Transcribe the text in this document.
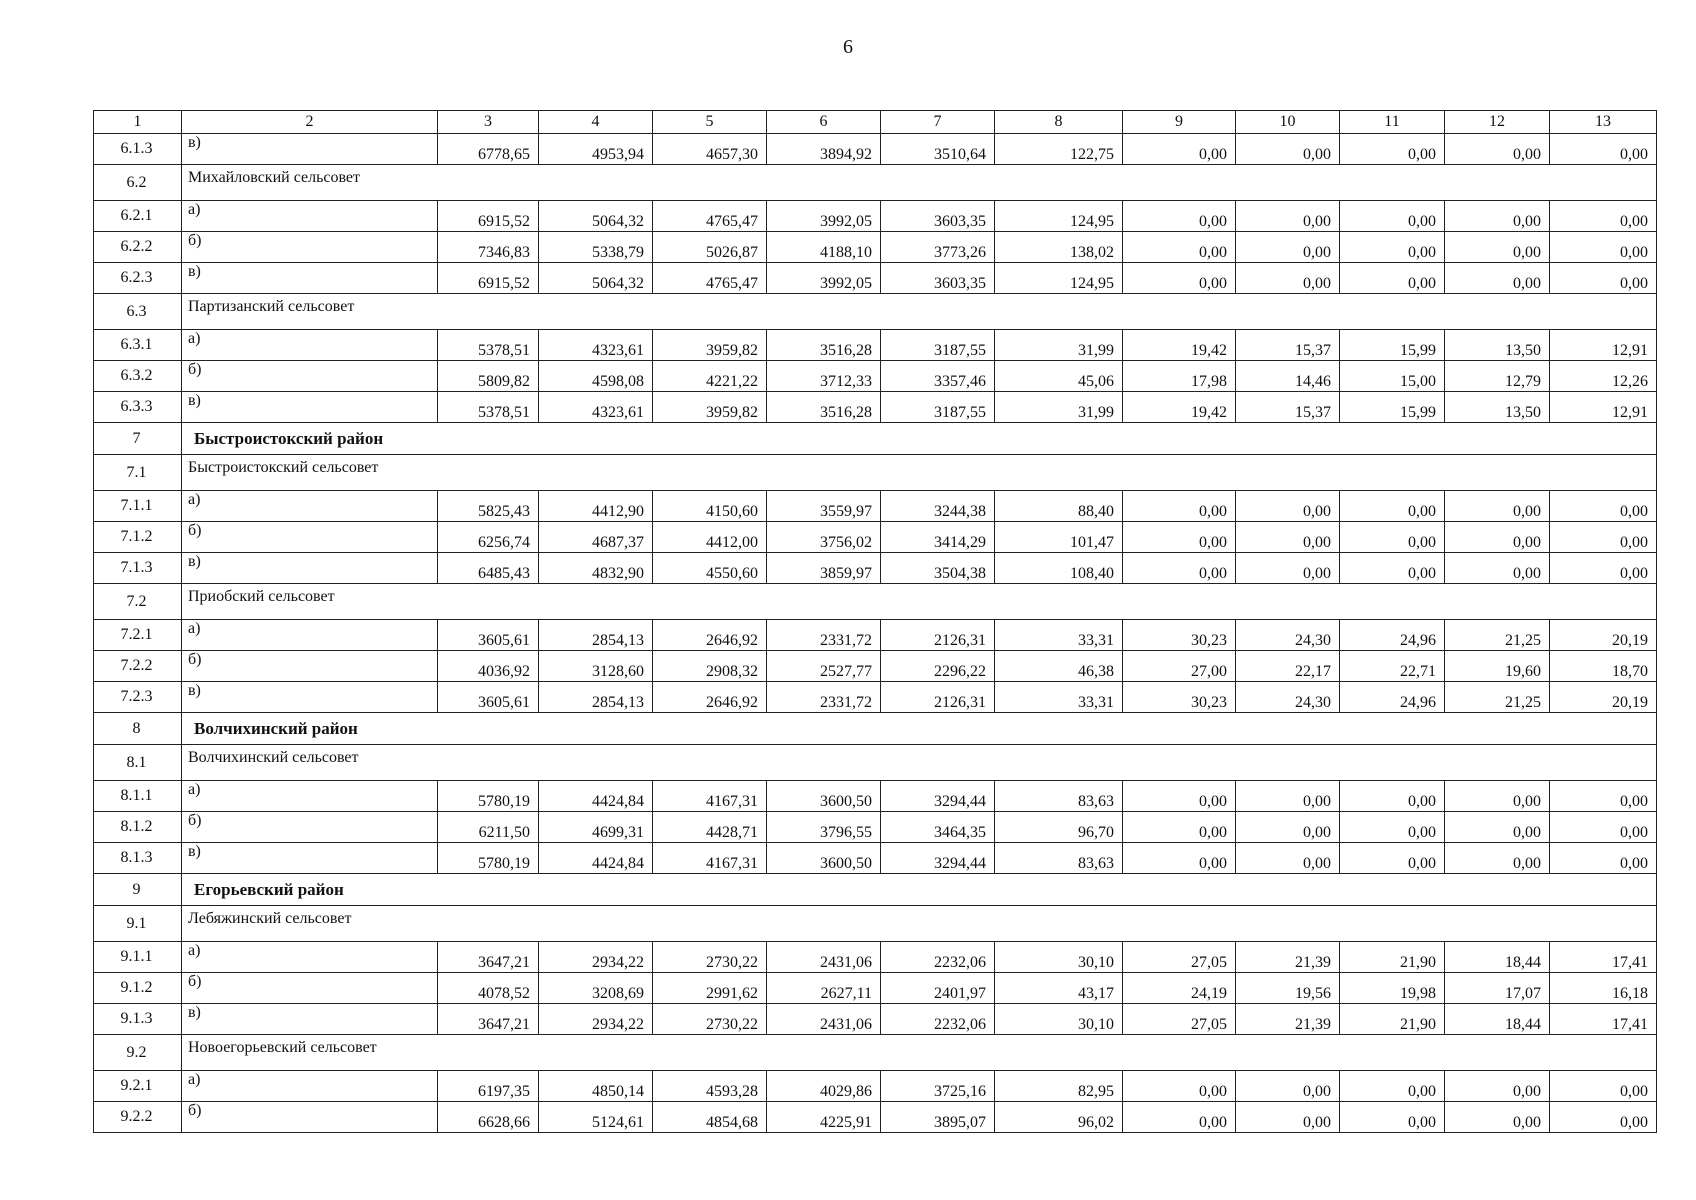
6
1	2	3	4	5	6	7	8	9	10	11	12	13
6.1.3	в)	6778,65	4953,94	4657,30	3894,92	3510,64	122,75	0,00	0,00	0,00	0,00	0,00
6.2	Михайловский сельсовет											
6.2.1	а)	6915,52	5064,32	4765,47	3992,05	3603,35	124,95	0,00	0,00	0,00	0,00	0,00
6.2.2	б)	7346,83	5338,79	5026,87	4188,10	3773,26	138,02	0,00	0,00	0,00	0,00	0,00
6.2.3	в)	6915,52	5064,32	4765,47	3992,05	3603,35	124,95	0,00	0,00	0,00	0,00	0,00
6.3	Партизанский сельсовет											
6.3.1	а)	5378,51	4323,61	3959,82	3516,28	3187,55	31,99	19,42	15,37	15,99	13,50	12,91
6.3.2	б)	5809,82	4598,08	4221,22	3712,33	3357,46	45,06	17,98	14,46	15,00	12,79	12,26
6.3.3	в)	5378,51	4323,61	3959,82	3516,28	3187,55	31,99	19,42	15,37	15,99	13,50	12,91
7	Быстроистокский район											
7.1	Быстроистокский сельсовет											
7.1.1	а)	5825,43	4412,90	4150,60	3559,97	3244,38	88,40	0,00	0,00	0,00	0,00	0,00
7.1.2	б)	6256,74	4687,37	4412,00	3756,02	3414,29	101,47	0,00	0,00	0,00	0,00	0,00
7.1.3	в)	6485,43	4832,90	4550,60	3859,97	3504,38	108,40	0,00	0,00	0,00	0,00	0,00
7.2	Приобский сельсовет											
7.2.1	а)	3605,61	2854,13	2646,92	2331,72	2126,31	33,31	30,23	24,30	24,96	21,25	20,19
7.2.2	б)	4036,92	3128,60	2908,32	2527,77	2296,22	46,38	27,00	22,17	22,71	19,60	18,70
7.2.3	в)	3605,61	2854,13	2646,92	2331,72	2126,31	33,31	30,23	24,30	24,96	21,25	20,19
8	Волчихинский район											
8.1	Волчихинский сельсовет											
8.1.1	а)	5780,19	4424,84	4167,31	3600,50	3294,44	83,63	0,00	0,00	0,00	0,00	0,00
8.1.2	б)	6211,50	4699,31	4428,71	3796,55	3464,35	96,70	0,00	0,00	0,00	0,00	0,00
8.1.3	в)	5780,19	4424,84	4167,31	3600,50	3294,44	83,63	0,00	0,00	0,00	0,00	0,00
9	Егорьевский район											
9.1	Лебяжинский сельсовет											
9.1.1	а)	3647,21	2934,22	2730,22	2431,06	2232,06	30,10	27,05	21,39	21,90	18,44	17,41
9.1.2	б)	4078,52	3208,69	2991,62	2627,11	2401,97	43,17	24,19	19,56	19,98	17,07	16,18
9.1.3	в)	3647,21	2934,22	2730,22	2431,06	2232,06	30,10	27,05	21,39	21,90	18,44	17,41
9.2	Новоегорьевский сельсовет											
9.2.1	а)	6197,35	4850,14	4593,28	4029,86	3725,16	82,95	0,00	0,00	0,00	0,00	0,00
9.2.2	б)	6628,66	5124,61	4854,68	4225,91	3895,07	96,02	0,00	0,00	0,00	0,00	0,00
